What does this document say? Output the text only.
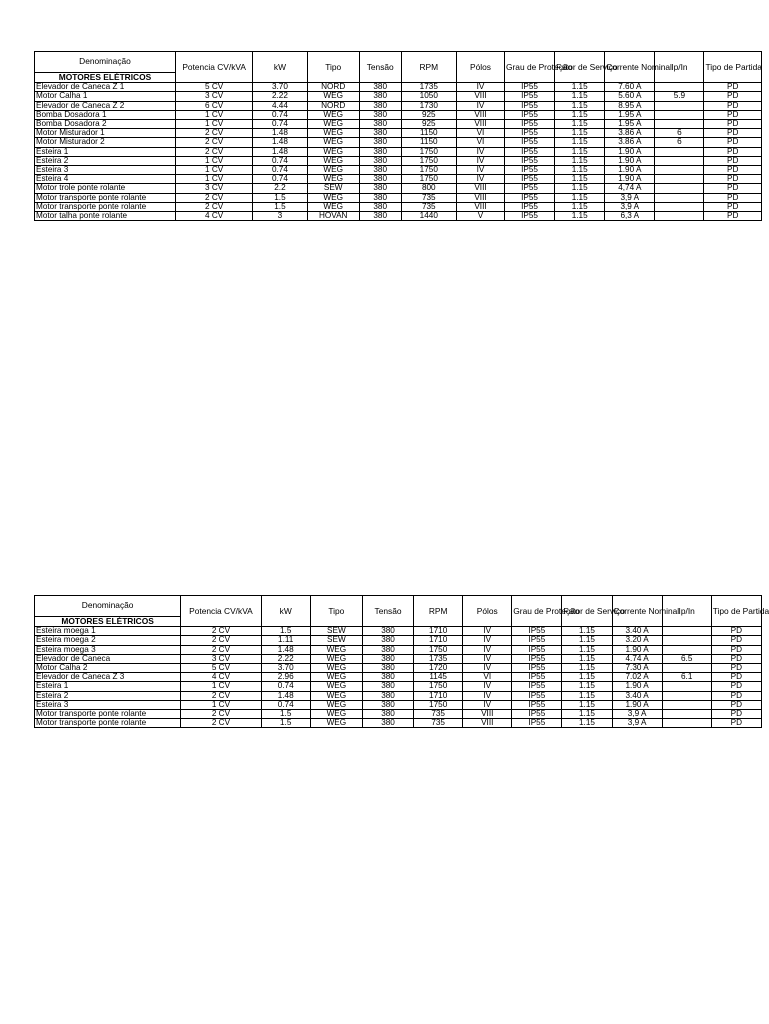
Denominação	Potencia CV/kVA	kW	Tipo	Tensão	RPM	Pólos	Grau de Proteção	Fator de Serviço	Corrente Nominal	Ip/In	Tipo de Partida
MOTORES ELÉTRICOS											
Elevador de Caneca Z 1	5 CV	3.70	NORD	380	1735	IV	IP55	1.15	7.60 A		PD
Motor Calha 1	3 CV	2.22	WEG	380	1050	VIII	IP55	1.15	5.60 A	5.9	PD
Elevador de Caneca Z 2	6 CV	4.44	NORD	380	1730	IV	IP55	1.15	8.95 A		PD
Bomba Dosadora 1	1 CV	0.74	WEG	380	925	VIII	IP55	1.15	1.95 A		PD
Bomba Dosadora 2	1 CV	0.74	WEG	380	925	VIII	IP55	1.15	1.95 A		PD
Motor Misturador 1	2 CV	1.48	WEG	380	1150	VI	IP55	1.15	3.86 A	6	PD
Motor Misturador 2	2 CV	1.48	WEG	380	1150	VI	IP55	1.15	3.86 A	6	PD
Esteira 1	2 CV	1.48	WEG	380	1750	IV	IP55	1.15	1.90 A		PD
Esteira 2	1 CV	0.74	WEG	380	1750	IV	IP55	1.15	1.90 A		PD
Esteira 3	1 CV	0.74	WEG	380	1750	IV	IP55	1.15	1.90 A		PD
Esteira 4	1 CV	0.74	WEG	380	1750	IV	IP55	1.15	1.90 A		PD
Motor trole ponte rolante	3 CV	2.2	SEW	380	800	VIII	IP55	1.15	4,74 A		PD
Motor transporte ponte rolante	2 CV	1.5	WEG	380	735	VIII	IP55	1.15	3,9 A		PD
Motor transporte ponte rolante	2 CV	1.5	WEG	380	735	VIII	IP55	1.15	3,9 A		PD
Motor talha ponte rolante	4 CV	3	HOVAN	380	1440	V	IP55	1.15	6,3 A		PD
Denominação	Potencia CV/kVA	kW	Tipo	Tensão	RPM	Pólos	Grau de Proteção	Fator de Serviço	Corrente Nominal	Ip/In	Tipo de Partida
MOTORES ELÉTRICOS											
Esteira moega 1	2 CV	1.5	SEW	380	1710	IV	IP55	1.15	3.40 A		PD
Esteira moega 2	2 CV	1.11	SEW	380	1710	IV	IP55	1.15	3.20 A		PD
Esteira moega 3	2 CV	1.48	WEG	380	1750	IV	IP55	1.15	1.90 A		PD
Elevador de Caneca	3 CV	2.22	WEG	380	1735	IV	IP55	1.15	4.74 A	6.5	PD
Motor Calha 2	5 CV	3.70	WEG	380	1720	IV	IP55	1.15	7.30 A		PD
Elevador de Caneca Z 3	4 CV	2.96	WEG	380	1145	VI	IP55	1.15	7.02 A	6.1	PD
Esteira 1	1 CV	0.74	WEG	380	1750	IV	IP55	1.15	1.90 A		PD
Esteira 2	2 CV	1.48	WEG	380	1710	IV	IP55	1.15	3.40 A		PD
Esteira 3	1 CV	0.74	WEG	380	1750	IV	IP55	1.15	1.90 A		PD
Motor transporte ponte rolante	2 CV	1.5	WEG	380	735	VIII	IP55	1.15	3,9 A		PD
Motor transporte ponte rolante	2 CV	1.5	WEG	380	735	VIII	IP55	1.15	3,9 A		PD
